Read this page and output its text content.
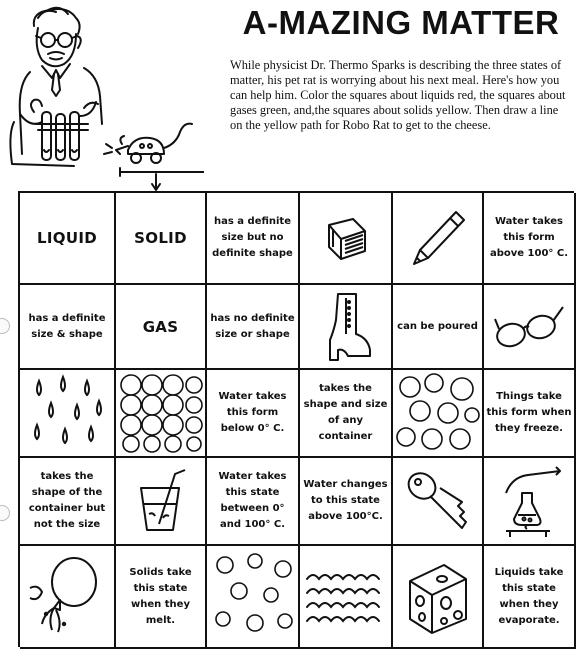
A-MAZING MATTER
While physicist Dr. Thermo Sparks is describing the three states of matter, his pet rat is worrying about his next meal. Here's how you can help him. Color the squares about liquids red, the squares about gases green, and,the squares about solids yellow. Then draw a line on the yellow path for Robo Rat to get to the cheese.
LIQUID SOLID
has a definite size but no definite shape
Water takes this form above 100° C.
has a definite size & shape	GAS	has no definite size or shape
can be poured
Water takes this form below 0° C.
takes the shape and size of any container
Things take this form when they freeze.
takes the shape of the container but not the size
Water takes this state between 0° and 100° C.
Water changes to this state above 100°C.
Solids take this state when they melt.
Liquids take this state when they evaporate.
